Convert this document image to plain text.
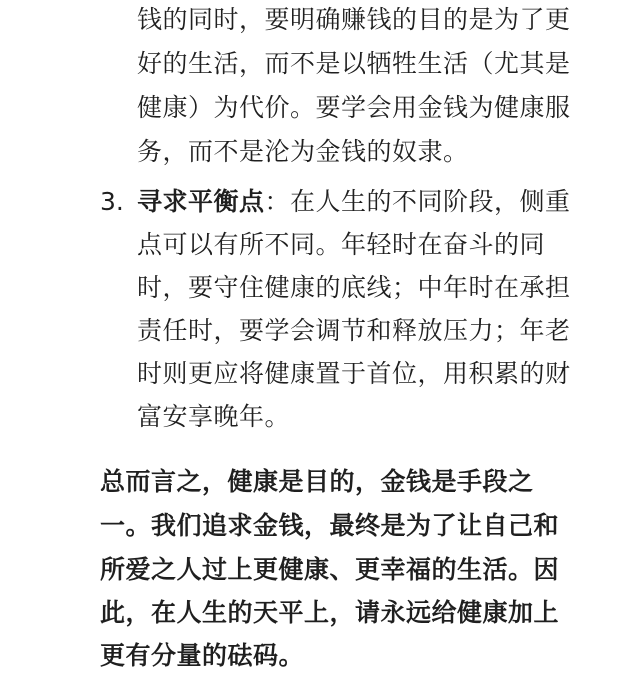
钱的同时，要明确赚钱的目的是为了更
好的生活，而不是以牺牲生活（尤其是
健康）为代价。要学会用金钱为健康服
务，而不是沦为金钱的奴隶。
3. 寻求平衡点：在人生的不同阶段，侧重
点可以有所不同。年轻时在奋斗的同
时，要守住健康的底线；中年时在承担
责任时，要学会调节和释放压力；年老
时则更应将健康置于首位，用积累的财
富安享晚年。
总而言之，健康是目的，金钱是手段之
一。我们追求金钱，最终是为了让自己和
所爱之人过上更健康、更幸福的生活。因
此，在人生的天平上，请永远给健康加上
更有分量的砝码。
